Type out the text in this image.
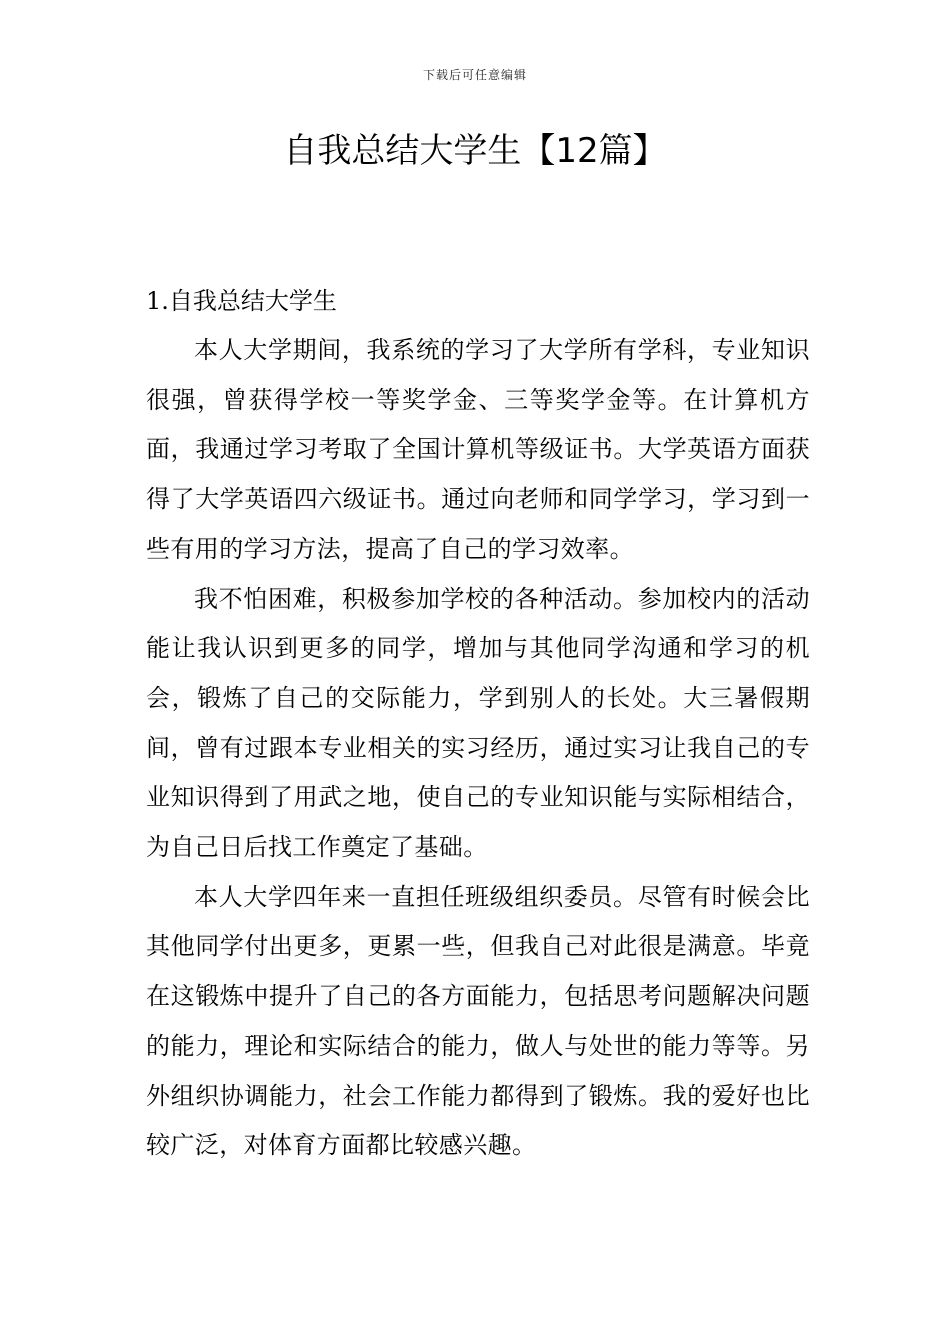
下载后可任意编辑
自我总结大学生【12篇】

1.自我总结大学生

本人大学期间，我系统的学习了大学所有学科，专业知识很强，曾获得学校一等奖学金、三等奖学金等。在计算机方面，我通过学习考取了全国计算机等级证书。大学英语方面获得了大学英语四六级证书。通过向老师和同学学习，学习到一些有用的学习方法，提高了自己的学习效率。

我不怕困难，积极参加学校的各种活动。参加校内的活动能让我认识到更多的同学，增加与其他同学沟通和学习的机会，锻炼了自己的交际能力，学到别人的长处。大三暑假期间，曾有过跟本专业相关的实习经历，通过实习让我自己的专业知识得到了用武之地，使自己的专业知识能与实际相结合，为自己日后找工作奠定了基础。

本人大学四年来一直担任班级组织委员。尽管有时候会比其他同学付出更多，更累一些，但我自己对此很是满意。毕竟在这锻炼中提升了自己的各方面能力，包括思考问题解决问题的能力，理论和实际结合的能力，做人与处世的能力等等。另外组织协调能力，社会工作能力都得到了锻炼。我的爱好也比较广泛，对体育方面都比较感兴趣。
